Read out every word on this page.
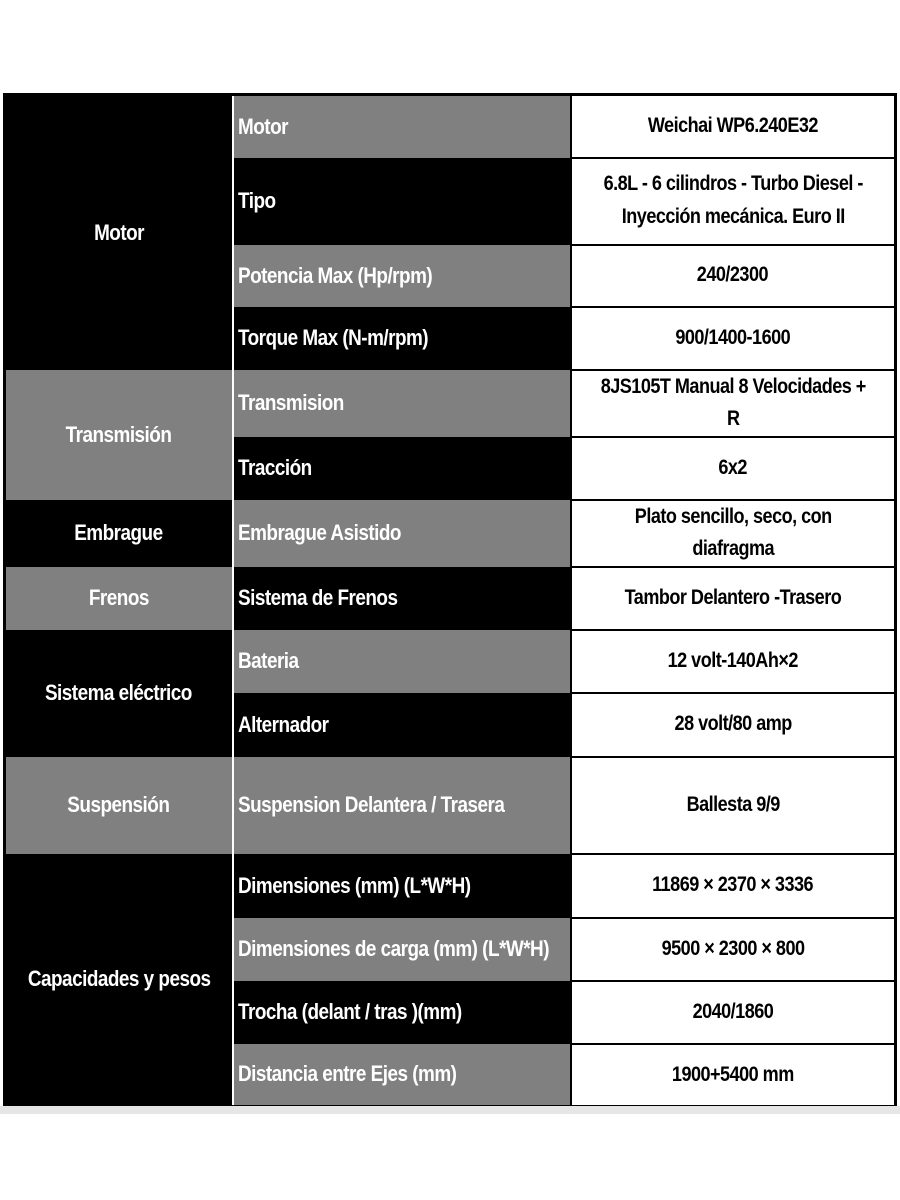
Motor	Motor	Weichai WP6.240E32
	Tipo	6.8L - 6 cilindros - Turbo Diesel - Inyección mecánica. Euro II
	Potencia Max (Hp/rpm)	240/2300
	Torque Max (N-m/rpm)	900/1400-1600
Transmisión	Transmision	8JS105T Manual 8 Velocidades + R
	Tracción	6x2
Embrague	Embrague Asistido	Plato sencillo, seco, con diafragma
Frenos	Sistema de Frenos	Tambor Delantero -Trasero
Sistema eléctrico	Bateria	12 volt-140Ah×2
	Alternador	28 volt/80 amp
Suspensión	Suspension Delantera / Trasera	Ballesta 9/9
Capacidades y pesos	Dimensiones (mm) (L*W*H)	11869 × 2370 × 3336
	Dimensiones de carga (mm) (L*W*H)	9500 × 2300 × 800
	Trocha (delant / tras )(mm)	2040/1860
	Distancia entre Ejes (mm)	1900+5400 mm
